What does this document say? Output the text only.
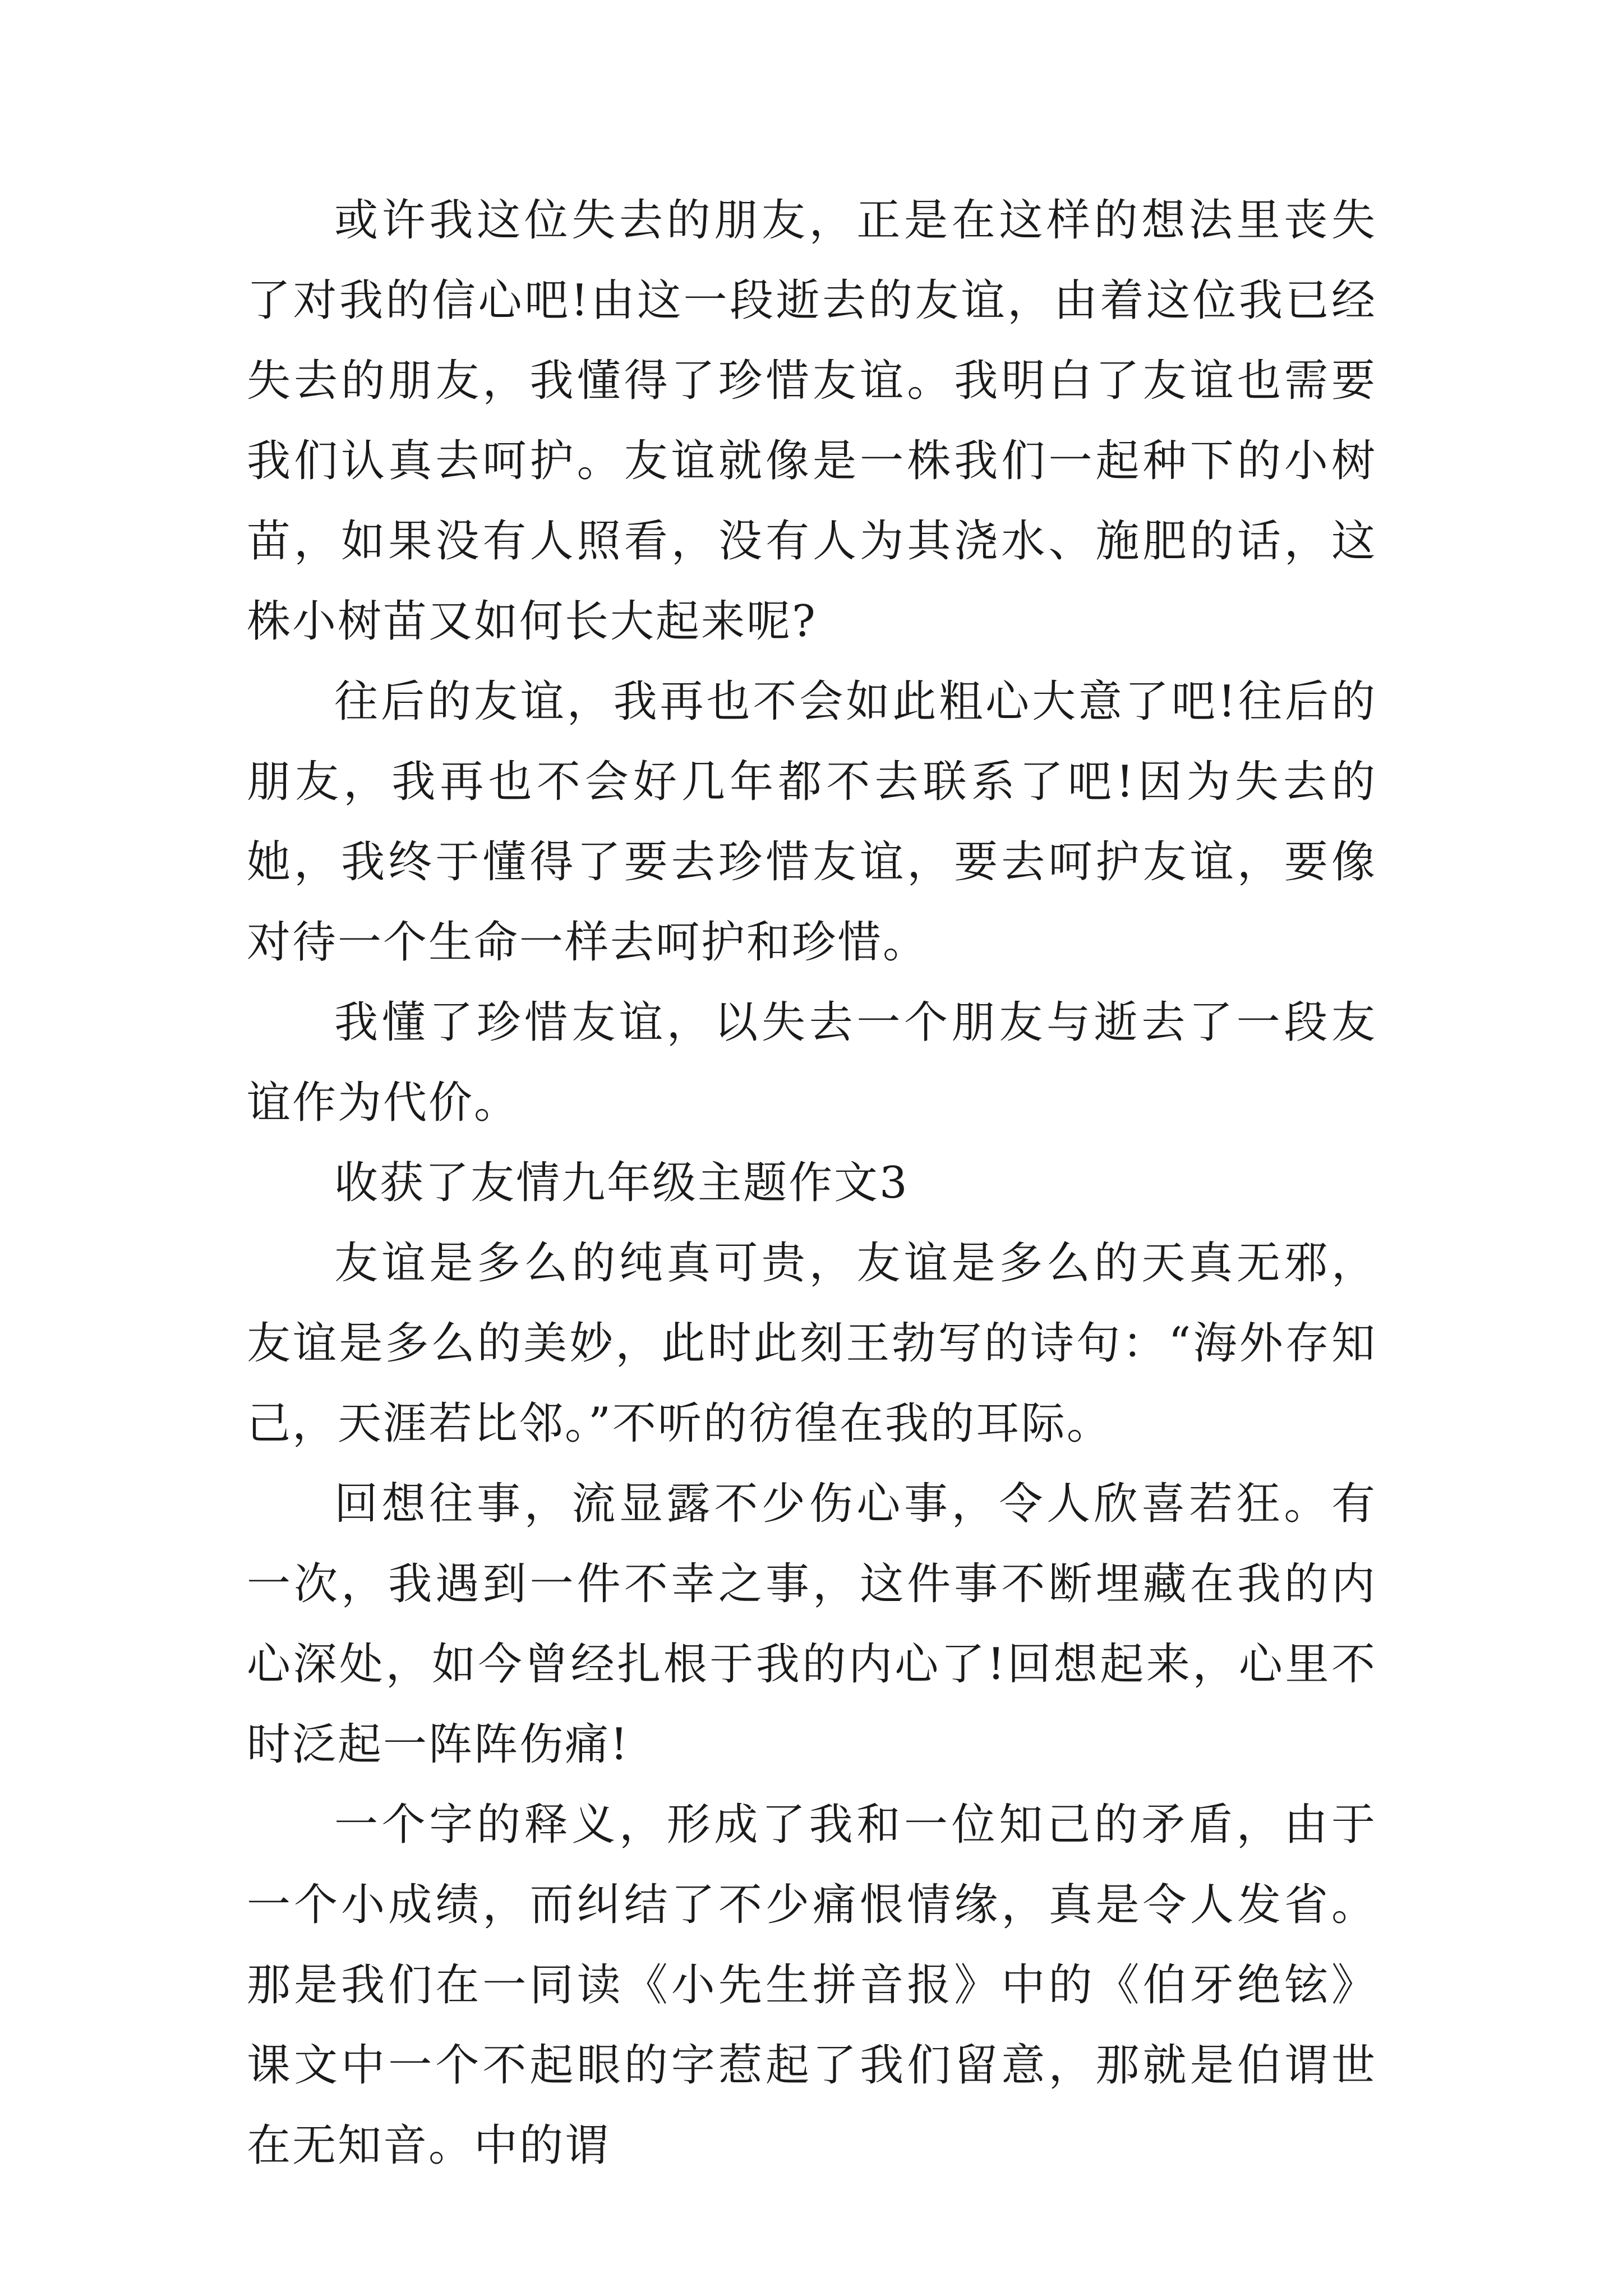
或许我这位失去的朋友，正是在这样的想法里丧失了对我的信心吧!由这一段逝去的友谊，由着这位我已经失去的朋友，我懂得了珍惜友谊。我明白了友谊也需要我们认真去呵护。友谊就像是一株我们一起种下的小树苗，如果没有人照看，没有人为其浇水、施肥的话，这株小树苗又如何长大起来呢?

往后的友谊，我再也不会如此粗心大意了吧!往后的朋友，我再也不会好几年都不去联系了吧!因为失去的她，我终于懂得了要去珍惜友谊，要去呵护友谊，要像对待一个生命一样去呵护和珍惜。

我懂了珍惜友谊，以失去一个朋友与逝去了一段友谊作为代价。

收获了友情九年级主题作文3

友谊是多么的纯真可贵，友谊是多么的天真无邪，友谊是多么的美妙，此时此刻王勃写的诗句：“海外存知己，天涯若比邻。”不听的彷徨在我的耳际。

回想往事，流显露不少伤心事，令人欣喜若狂。有一次，我遇到一件不幸之事，这件事不断埋藏在我的内心深处，如今曾经扎根于我的内心了!回想起来，心里不时泛起一阵阵伤痛!

一个字的释义，形成了我和一位知己的矛盾，由于一个小成绩，而纠结了不少痛恨情缘，真是令人发省。那是我们在一同读《小先生拼音报》中的《伯牙绝铉》课文中一个不起眼的字惹起了我们留意，那就是伯谓世在无知音。中的谓
